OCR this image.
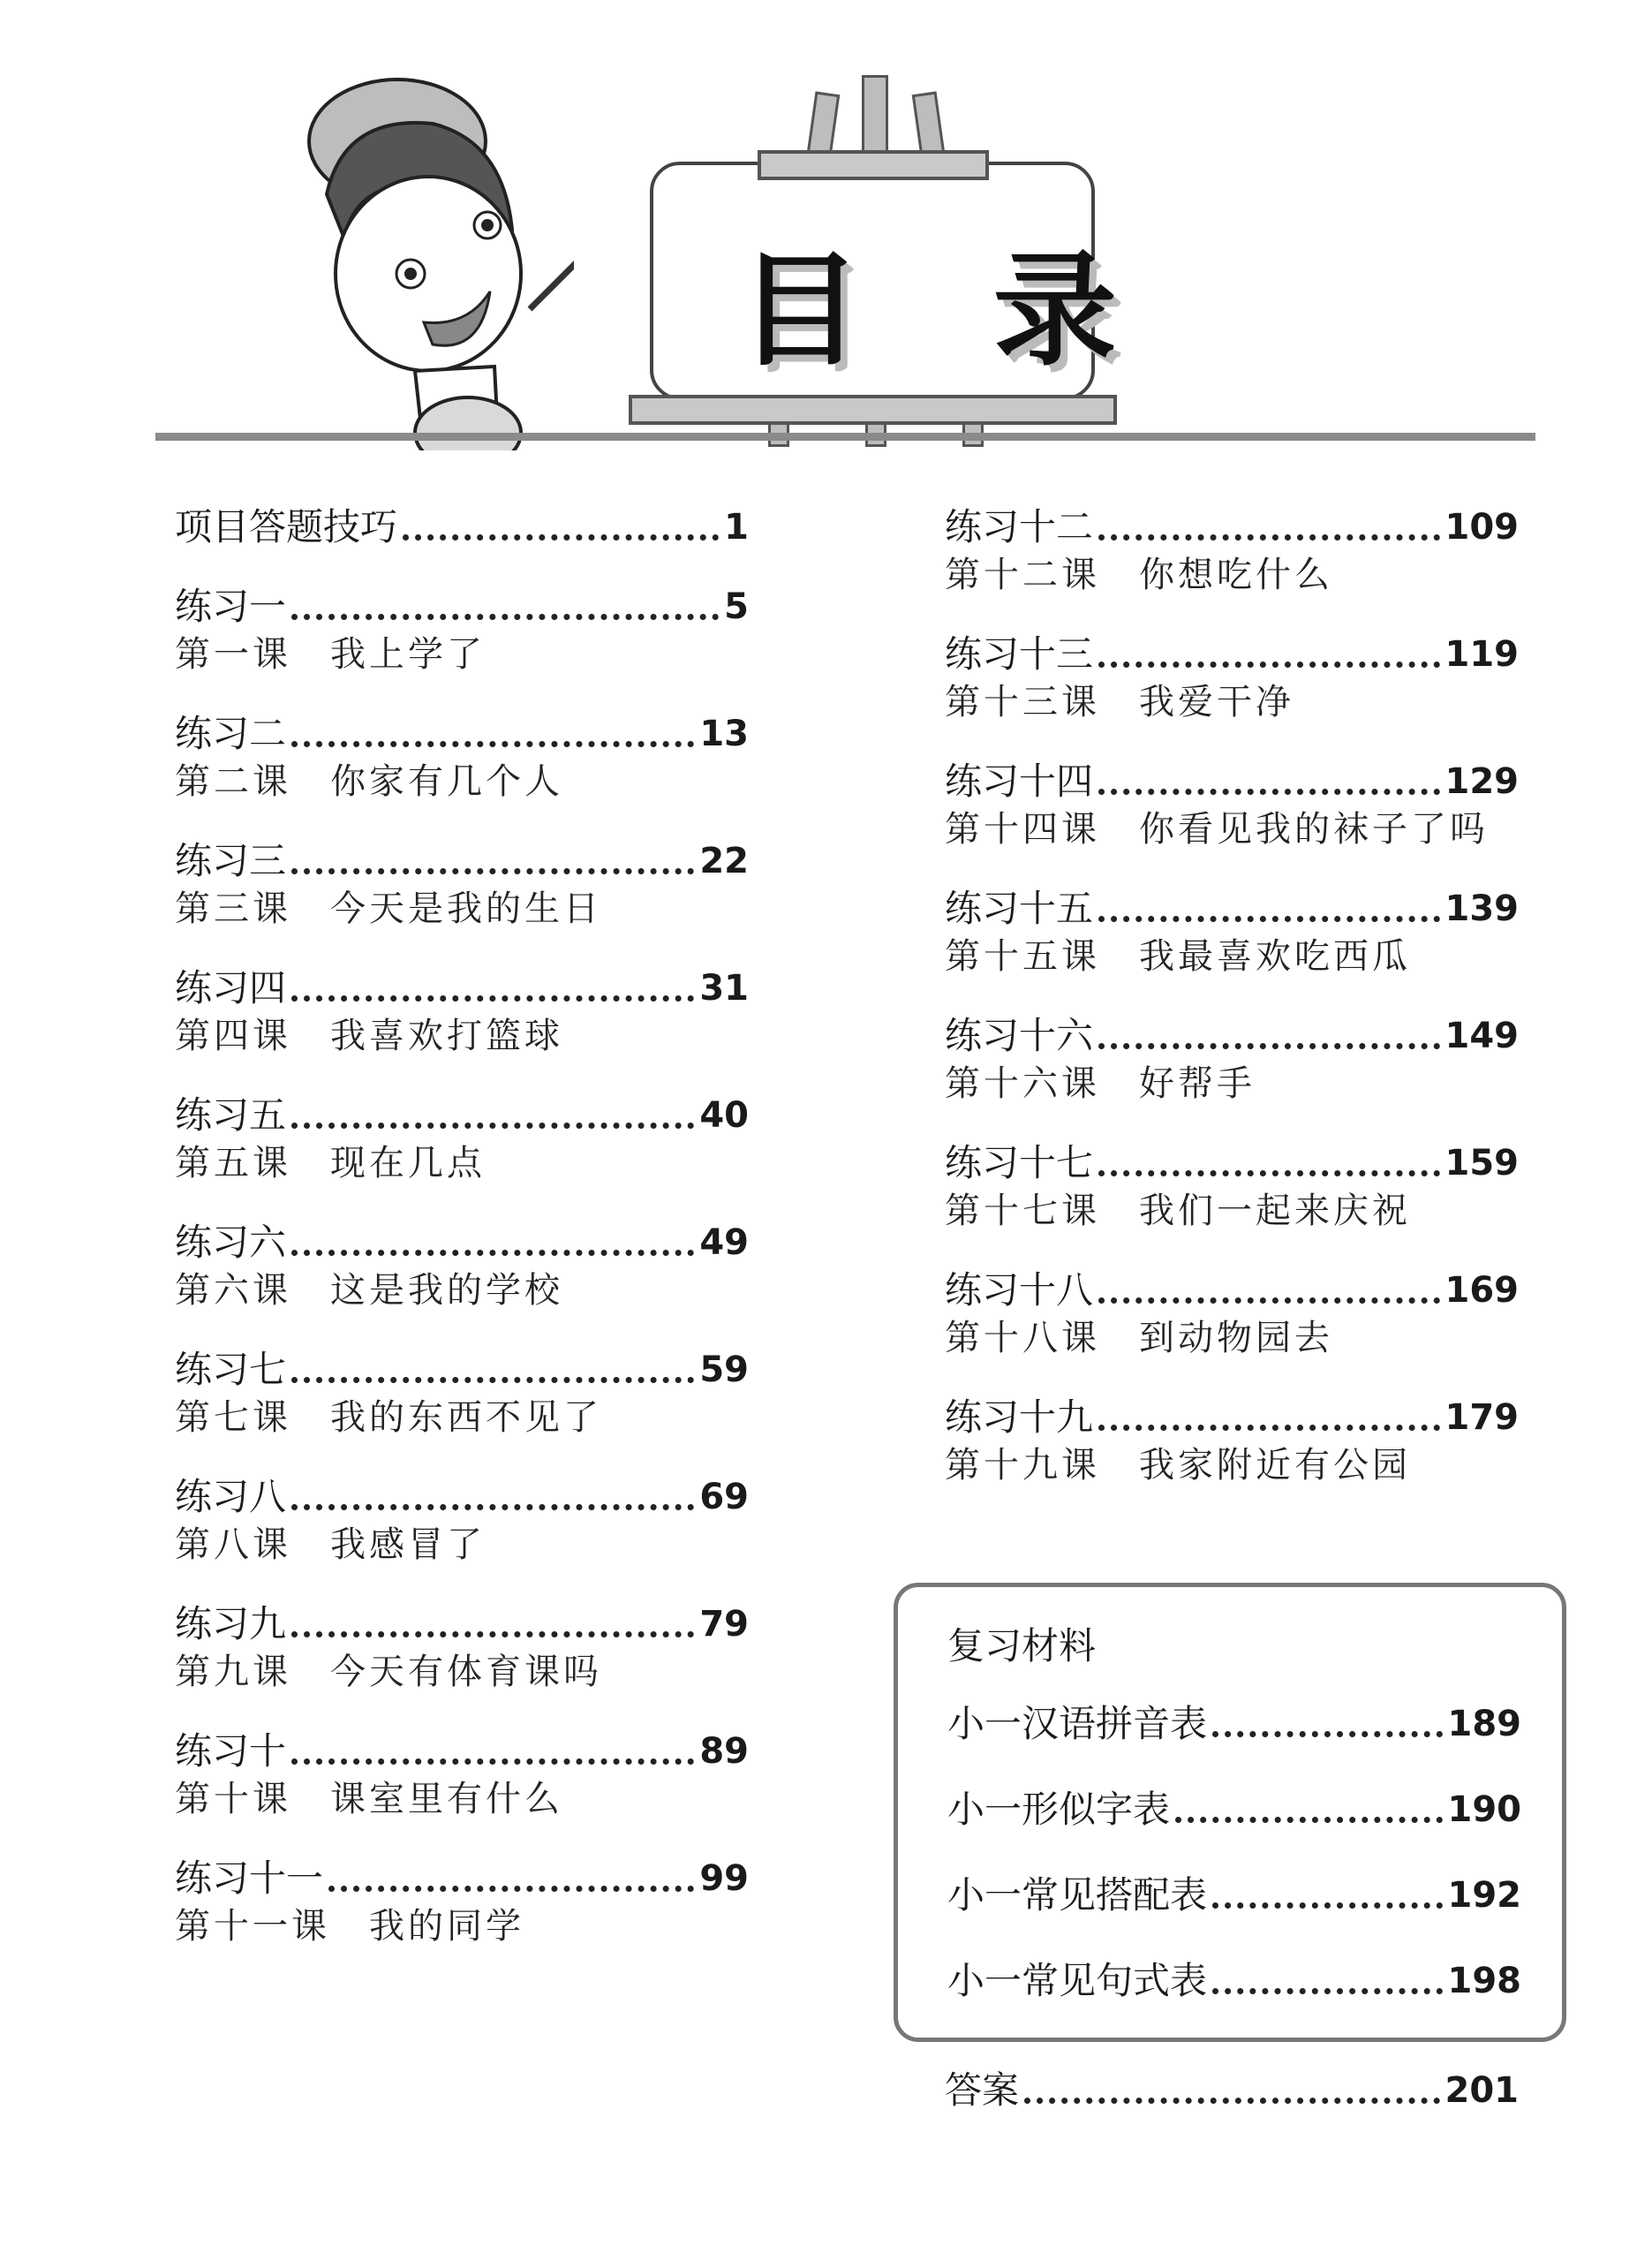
目 录
项目答题技巧	1
练习一	5
第一课 我上学了
练习二	13
第二课 你家有几个人
练习三	22
第三课 今天是我的生日
练习四	31
第四课 我喜欢打篮球
练习五	40
第五课 现在几点
练习六	49
第六课 这是我的学校
练习七	59
第七课 我的东西不见了
练习八	69
第八课 我感冒了
练习九	79
第九课 今天有体育课吗
练习十	89
第十课 课室里有什么
练习十一	99
第十一课 我的同学
练习十二	109
第十二课 你想吃什么
练习十三	119
第十三课 我爱干净
练习十四	129
第十四课 你看见我的袜子了吗
练习十五	139
第十五课 我最喜欢吃西瓜
练习十六	149
第十六课 好帮手
练习十七	159
第十七课 我们一起来庆祝
练习十八	169
第十八课 到动物园去
练习十九	179
第十九课 我家附近有公园
复习材料
小一汉语拼音表	189
小一形似字表	190
小一常见搭配表	192
小一常见句式表	198
答案	201
